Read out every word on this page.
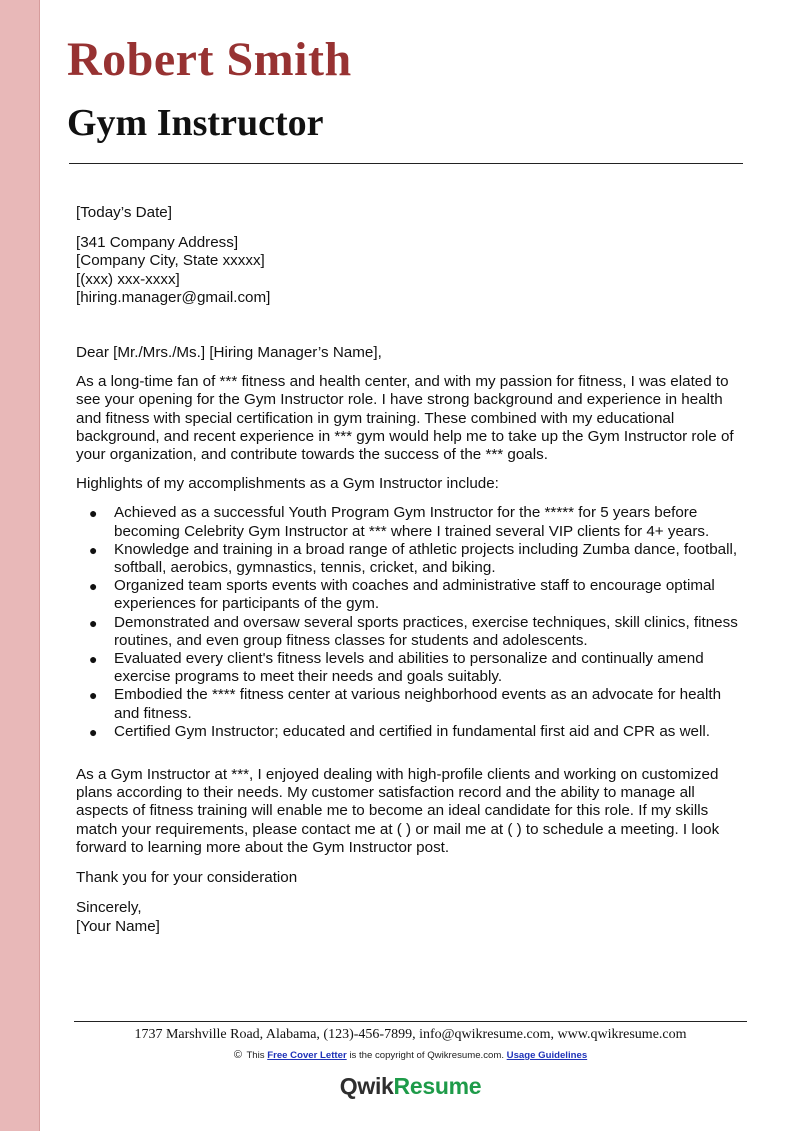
Robert Smith
Gym Instructor

[Today’s Date]

[341 Company Address]

[Company City, State xxxxx]

[(xxx) xxx-xxxx]

[hiring.manager@gmail.com]

Dear [Mr./Mrs./Ms.] [Hiring Manager’s Name],

As a long-time fan of *** fitness and health center, and with my passion for fitness, I was elated to see your opening for the Gym Instructor role. I have strong background and experience in health and fitness with special certification in gym training. These combined with my educational background, and recent experience in *** gym would help me to take up the Gym Instructor role of your organization, and contribute towards the success of the *** goals.

Highlights of my accomplishments as a Gym Instructor include:

● Achieved as a successful Youth Program Gym Instructor for the ***** for 5 years before becoming Celebrity Gym Instructor at *** where I trained several VIP clients for 4+ years.
● Knowledge and training in a broad range of athletic projects including Zumba dance, football, softball, aerobics, gymnastics, tennis, cricket, and biking.
● Organized team sports events with coaches and administrative staff to encourage optimal experiences for participants of the gym.
● Demonstrated and oversaw several sports practices, exercise techniques, skill clinics, fitness routines, and even group fitness classes for students and adolescents.
● Evaluated every client's fitness levels and abilities to personalize and continually amend exercise programs to meet their needs and goals suitably.
● Embodied the **** fitness center at various neighborhood events as an advocate for health and fitness.
● Certified Gym Instructor; educated and certified in fundamental first aid and CPR as well.

As a Gym Instructor at ***, I enjoyed dealing with high-profile clients and working on customized plans according to their needs. My customer satisfaction record and the ability to manage all aspects of fitness training will enable me to become an ideal candidate for this role. If my skills match your requirements, please contact me at ( ) or mail me at ( ) to schedule a meeting. I look forward to learning more about the Gym Instructor post.

Thank you for your consideration

Sincerely,

[Your Name]

1737 Marshville Road, Alabama, (123)-456-7899, info@qwikresume.com, www.qwikresume.com
© This Free Cover Letter is the copyright of Qwikresume.com. Usage Guidelines
QwikResume
